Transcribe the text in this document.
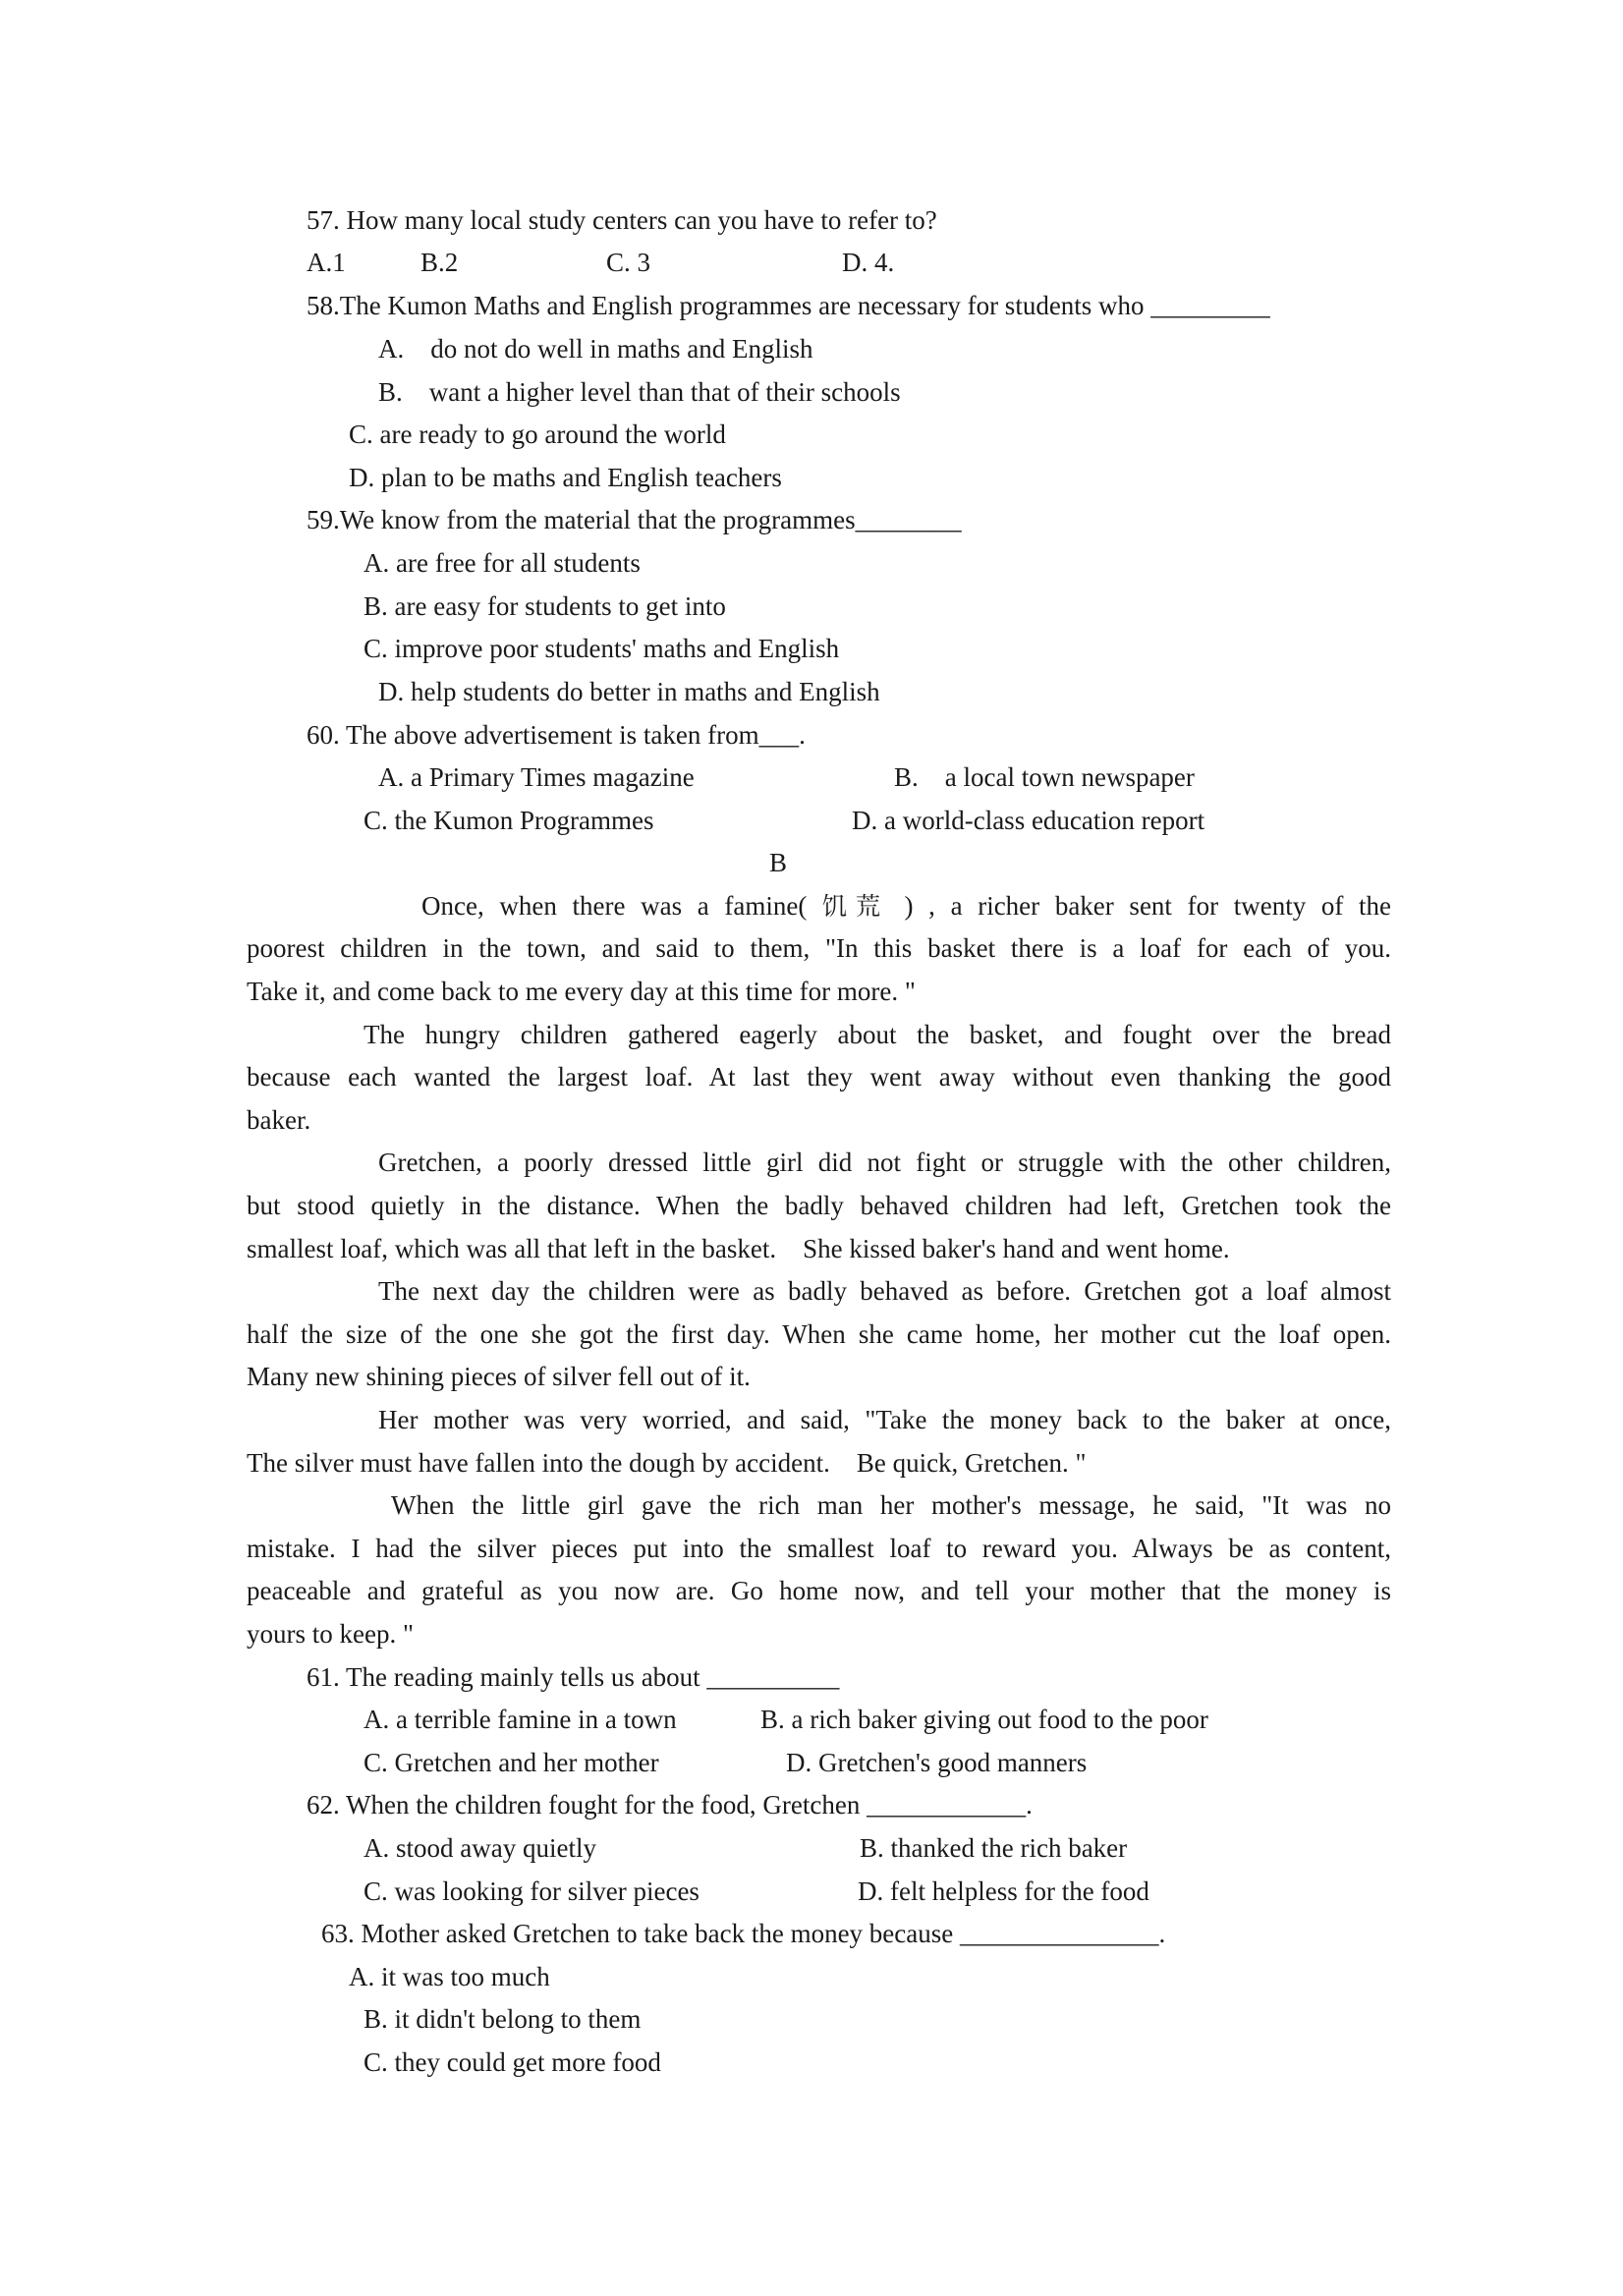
57. How many local study centers can you have to refer to?
A.1	B.2	C. 3	D. 4.
58.The Kumon Maths and English programmes are necessary for students who _________
A.    do not do well in maths and English
B.    want a higher level than that of their schools
C. are ready to go around the world
D. plan to be maths and English teachers
59.We know from the material that the programmes________
A. are free for all students
B. are easy for students to get into
C. improve poor students' maths and English
D. help students do better in maths and English
60. The above advertisement is taken from___.
A. a Primary Times magazine	B.    a local town newspaper
C. the Kumon Programmes	D. a world-class education report
B
Once, when there was a famine( 饥荒 ) , a richer baker sent for twenty of the
poorest children in the town, and said to them, "In this basket there is a loaf for each of you.
Take it, and come back to me every day at this time for more. "
The hungry children gathered eagerly about the basket, and fought over the bread
because each wanted the largest loaf. At last they went away without even thanking the good
baker.
Gretchen, a poorly dressed little girl did not fight or struggle with the other children,
but stood quietly in the distance. When the badly behaved children had left, Gretchen took the
smallest loaf, which was all that left in the basket.    She kissed baker's hand and went home.
The next day the children were as badly behaved as before. Gretchen got a loaf almost
half the size of the one she got the first day. When she came home, her mother cut the loaf open.
Many new shining pieces of silver fell out of it.
Her mother was very worried, and said, "Take the money back to the baker at once,
The silver must have fallen into the dough by accident.    Be quick, Gretchen. "
When the little girl gave the rich man her mother's message, he said, "It was no
mistake. I had the silver pieces put into the smallest loaf to reward you. Always be as content,
peaceable and grateful as you now are. Go home now, and tell your mother that the money is
yours to keep. "
61. The reading mainly tells us about __________
A. a terrible famine in a town	B. a rich baker giving out food to the poor
C. Gretchen and her mother	D. Gretchen's good manners
62. When the children fought for the food, Gretchen ____________.
A. stood away quietly	B. thanked the rich baker
C. was looking for silver pieces	D. felt helpless for the food
63. Mother asked Gretchen to take back the money because _______________.
A. it was too much
B. it didn't belong to them
C. they could get more food
